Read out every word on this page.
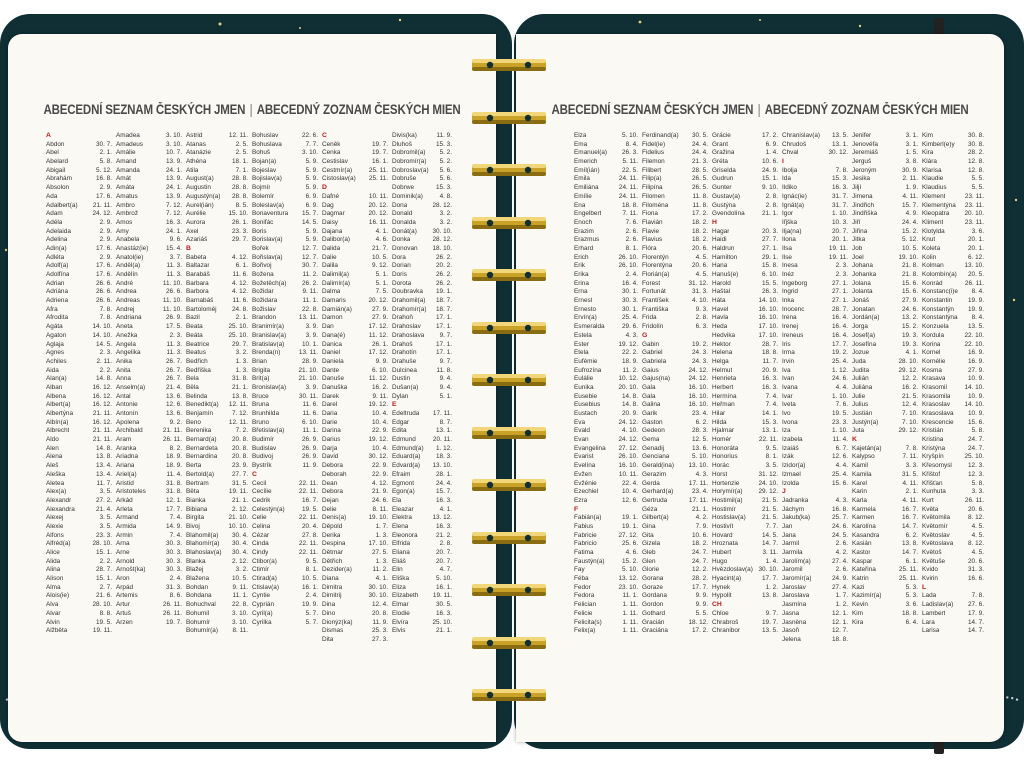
ABECEDNÍ SEZNAM ČESKÝCH JMEN | ABECEDNÝ ZOZNAM ČESKÝCH MIEN
A
Abdon	30. 7.
Abel	2. 1.
Abelard	5. 8.
Abigail	5. 12.
Abrahám	16. 8.
Absolon	2. 9.
Ada	17. 6.
Adalbert(a)	21. 11.
Adam	24. 12.
Adéla	2. 9.
Adelaida	2. 9.
Adelina	2. 9.
Adin(a)	17. 6.
Adléta	2. 9.
Adolf(a)	17. 6.
Adolfína	17. 6.
Adrian	26. 6.
Adriána	26. 6.
Adriena	26. 6.
Afra	7. 8.
Afrodita	7. 8.
Agáta	14. 10.
Agaton	14. 10.
Aglaja	14. 5.
Agnes	2. 3.
Achiles	2. 11.
Aida	2. 2.
Alan(a)	14. 8.
Alban	16. 12.
Albena	16. 12.
Albert(a)	16. 12.
Albertýna	21. 11.
Albín(a)	16. 12.
Albrecht	21. 11.
Aldo	21. 11.
Alen	14. 8.
Alena	13. 8.
Aleš	13. 4.
Aleška	13. 4.
Aletea	11. 7.
Alex(a)	3. 5.
Alexandr	27. 2.
Alexandra	21. 4.
Alexej	3. 5.
Alexie	3. 5.
Alfons	23. 3.
Alfréd(a)	28. 10.
Alice	15. 1.
Alida	2. 2.
Alina	28. 7.
Alison	15. 1.
Alma	2. 7.
Alois(ie)	21. 6.
Alva	28. 10.
Alvar	8. 8.
Alvin	19. 5.
Alžběta	19. 11.
Amadea	3. 10.
Amadeus	3. 10.
Amálie	10. 7.
Amand	13. 9.
Amanda	24. 1.
Amát	13. 9.
Amáta	24. 1.
Amatus	13. 9.
Ambro	7. 12.
Ambrož	7. 12.
Amos	16. 3.
Amy	24. 1.
Anabela	9. 6.
Anastáz(ie)	15. 4.
Anatol(ie)	3. 7.
Anděl(a)	11. 3.
Andělín	11. 3.
André	11. 10.
Andrea	26. 6.
Andreas	11. 10.
Andrej	11. 10.
Andriana	26. 9.
Aneta	17. 5.
Anežka	2. 3.
Angela	11. 3.
Angelika	11. 3.
Anika	26. 7.
Anita	26. 7.
Anna	26. 7.
Anselm(a)	21. 4.
Antal	13. 6.
Antonie	12. 6.
Antonín	13. 6.
Apolena	9. 2.
Archibald	21. 11.
Aram	26. 11.
Aranka	8. 2.
Ariadna	18. 9.
Ariana	18. 9.
Ariel(a)	11. 4.
Aristid	31. 8.
Aristoteles	31. 8.
Arkád	12. 1.
Arleta	17. 7.
Armand	7. 4.
Armida	14. 9.
Armin	7. 4.
Arna	30. 3.
Arne	30. 3.
Arnold	30. 3.
Arnošt(ka)	30. 3.
Aron	2. 4.
Arpád	31. 3.
Artemis	8. 6.
Artur	26. 11.
Artuš	26. 11.
Arzen	19. 7.
Astrid	12. 11.
Atanas	2. 5.
Atanázie	2. 5.
Athéna	18. 1.
Atila	7. 1.
August(a)	28. 8.
Augustin	28. 8.
Augustýn(a)	28. 8.
Aurel(ián)	8. 5.
Aurélie	15. 10.
Aurora	26. 1.
Axel	23. 3.
Azariáš	29. 7.
B
Babeta	4. 12.
Baltazar	6. 1.
Barabáš	11. 6.
Barbara	4. 12.
Barbora	4. 12.
Barnabáš	11. 6.
Bartoloměj	24. 8.
Bazil	2. 1.
Beata	25. 10.
Beáta	25. 10.
Beatrice	29. 7.
Beatus	3. 2.
Bedřich	1. 3.
Bedřiška	1. 3.
Bela	31. 8.
Běla	21. 1.
Belinda	13. 8.
Benedikt(a)	12. 11.
Benjamín	7. 12.
Beno	12. 11.
Berenika	7. 2.
Bernard(a)	20. 8.
Bernardeta	20. 8.
Bernardina	20. 8.
Berta	23. 9.
Bertold(a)	27. 7.
Bertram	31. 5.
Běta	19. 11.
Bianka	21. 1.
Bibiana	2. 12.
Birgita	21. 10.
Bivoj	10. 10.
Blahomil(a)	30. 4.
Blahomír(a)	30. 4.
Blahoslav(a)	30. 4.
Blanka	2. 12.
Blažej	3. 2.
Blažena	10. 5.
Bohdan	9. 11.
Bohdana	11. 1.
Bohuchval	22. 8.
Bohumil	3. 10.
Bohumír	3. 10.
Bohumír(a)	8. 11.
Bohuslav	22. 6.
Bohuslava	7. 7.
Bohuš	3. 10.
Bojan(a)	5. 9.
Bojeslav	5. 9.
Bojislav(a)	5. 9.
Bojmír	5. 9.
Bolemír	6. 9.
Boleslav(a)	6. 9.
Bonaventura	15. 7.
Bonifác	14. 5.
Boris	5. 9.
Borislav(a)	5. 9.
Bořek	12. 7.
Bořislav(a)	12. 7.
Bořivoj	30. 7.
Božena	11. 2.
Božetěch(a)	26. 2.
Božidar	9. 11.
Božidara	11. 1.
Božislav	22. 8.
Brandon	13. 11.
Branimír(a)	3. 9.
Branislav(a)	3. 9.
Bratislav(a)	10. 1.
Brenda(n)	13. 11.
Brian	28. 9.
Brigita	21. 10.
Brit(a)	21. 10.
Bronislav(a)	3. 9.
Bruce	30. 11.
Bruna	11. 6.
Brunhilda	11. 6.
Bruno	6. 10.
Břetislav(a)	11. 1.
Budimír	26. 9.
Budislav	26. 9.
Budivoj	26. 9.
Bystrík	11. 9.
C
Cecil	22. 11.
Cecílie	22. 11.
Cedrik	16. 7.
Celestýn(a)	19. 5.
Celie	22. 11.
Celina	20. 4.
Cézar	27. 8.
Cinda	22. 11.
Cindy	22. 11.
Ctibor(a)	9. 5.
Ctimír	8. 1.
Ctirad(a)	10. 5.
Ctislav(a)	16. 1.
Cyntie	2. 4.
Cyprián	19. 9.
Cyril(a)	5. 7.
Cyrilka	5. 7.
Č
Čeněk	19. 7.
Čenka	19. 7.
Čestislav	16. 1.
Čestmír(a)	25. 11.
Čistoslav(a)	25. 11.
D
Dafné	10. 11.
Dag	20. 12.
Dagmar	20. 12.
Daisy	16. 11.
Dajana	4. 1.
Dalibor(a)	4. 6.
Dalida	21. 7.
Dalie	10. 5.
Dalila	9. 12.
Dalimil(a)	5. 1.
Dalimír(a)	5. 1.
Dalma	7. 5.
Damaris	20. 12.
Damián(a)	27. 9.
Damon	27. 9.
Dan	17. 12.
Dana(é)	11. 12.
Danica	26. 1.
Daniel	17. 12.
Daniela	9. 9.
Dante	6. 10.
Danuše	11. 12.
Danuška	16. 2.
Darek	9. 11.
Darel	19. 12.
Daria	10. 4.
Darie	10. 4.
Darina	22. 9.
Darius	19. 12.
Darja	10. 4.
David	30. 12.
Debora	22. 9.
Deborah	22. 9.
Dean	4. 12.
Debora	21. 9.
Dejan	24. 6.
Delie	8. 11.
Denis(a)	19. 10.
Děpold	1. 7.
Derika	1. 3.
Despina	17. 10.
Dětmar	27. 5.
Dětřich	1. 3.
Dezider(a)	11. 2.
Diana	4. 1.
Dimitra	30. 10.
Dimitrij	30. 10.
Dina	12. 4.
Dino	20. 8.
Dionýz(ka)	11. 9.
Dismas	25. 3.
Dita	27. 3.
Divis(ka)	11. 9.
Dluhoš	15. 3.
Dobromil(a)	5. 2.
Dobromír(a)	5. 2.
Dobroslav(a)	5. 6.
Dobruše	5. 6.
Dobrwe	15. 3.
Dominik(a)	4. 8.
Dona	28. 12.
Donald	3. 2.
Donalda	3. 2.
Donát(a)	30. 10.
Donka	28. 12.
Donovan	18. 10.
Dora	26. 2.
Dorian	20. 2.
Doris	26. 2.
Dorota	26. 2.
Doubravka	19. 1.
Drahomil(a)	18. 7.
Drahomír(a)	18. 7.
Drahoň	17. 1.
Drahoslav	17. 1.
Drahoslava	9. 7.
Drahoš	17. 1.
Drahotín	17. 1.
Drahuše	9. 7.
Dulcinea	11. 8.
Dustin	9. 4.
Dušan(a)	9. 4.
Dylan	5. 1.
E
Edeltruda	17. 11.
Edgar	8. 7.
Edita	13. 1.
Edmund	20. 11.
Edmund(a)	1. 12.
Eduard(a)	18. 3.
Edvard(a)	13. 10.
Efraim	28. 1.
Egmont	24. 4.
Egon(a)	15. 7.
Ela	16. 3.
Eleazar	4. 1.
Elektra	13. 12.
Elena	16. 3.
Eleonora	21. 2.
Elfrida	2. 8.
Eliana	20. 7.
Eliáš	20. 7.
Elin	4. 7.
Eliška	5. 10.
Eliza	16. 1.
Elizabeth	19. 11.
Elmar	30. 5.
Elodie	16. 3.
Elvíra	25. 10.
Elvis	21. 1.
ABECEDNÍ SEZNAM ČESKÝCH JMEN | ABECEDNÝ ZOZNAM ČESKÝCH MIEN
Elza	5. 10.
Ema	8. 4.
Emanuel(a)	26. 3.
Emerich	5. 11.
Emíl(ián)	22. 5.
Emila	24. 11.
Emiliána	24. 11.
Emílie	24. 11.
Ena	18. 8.
Engelbert	7. 11.
Enoch	7. 6.
Erazim	2. 6.
Erazmus	2. 6.
Erhard	8. 1.
Erich	26. 10.
Erik	26. 10.
Erika	2. 4.
Erina	16. 4.
Erna	30. 1.
Ernest	30. 3.
Ernesto	30. 1.
Ervín(a)	25. 4.
Esmeralda	29. 6.
Estela	4. 3.
Ester	19. 12.
Etela	22. 2.
Eufémie	18. 9.
Eufrozína	11. 2.
Eulálie	10. 12.
Eunika	20. 10.
Eusebie	14. 8.
Eusebius	14. 8.
Eustach	20. 9.
Eva	24. 12.
Evald	4. 10.
Evan	24. 12.
Evangelina	27. 12.
Evarist	26. 10.
Evelína	16. 10.
Evžen	10. 11.
Evžénie	22. 4.
Ezechiel	10. 4.
Ezra	12. 6.
F
Fabián(a)	19. 1.
Fabius	19. 1.
Fabricie	27. 12.
Fabricio	25. 6.
Fatima	4. 6.
Faustýn(a)	15. 2.
Fay	5. 10.
Féba	13. 12.
Fedor	23. 10.
Fedora	11. 1.
Felician	1. 11.
Felicie	1. 11.
Felicita(s)	1. 11.
Felix(a)	1. 11.
Ferdinand(a)	30. 5.
Fidel(ie)	24. 4.
Fidelius	24. 4.
Filemon	21. 3.
Filibert	28. 5.
Filip(a)	26. 5.
Filipína	26. 5.
Filomen	11. 8.
Filoména	11. 8.
Fiona	17. 2.
Flavián	18. 2.
Flavie	18. 2.
Flavius	18. 2.
Flóra	20. 6.
Florentýn	4. 5.
Florentýna	20. 6.
Florián(a)	4. 5.
Forest	31. 12.
Fortunát	31. 3.
Frantíšek	4. 10.
Františka	9. 3.
Frida	2. 8.
Fridolín	6. 3.
G
Gabin	19. 2.
Gabriel	24. 3.
Gabriela	24. 3.
Gaius	24. 12.
Gajus(na)	24. 12.
Gala	16. 10.
Gala	16. 10.
Galina	16. 10.
Garik	23. 4.
Gaston	6. 2.
Gedeon	28. 3.
Gema	12. 5.
Genadij	13. 6.
Genciana	5. 10.
Gerald(ina)	13. 10.
Gerazim	4. 3.
Gerda	17. 11.
Gerhard(a)	23. 4.
Gertruda	17. 11.
Géza	21. 1.
Gilbert(a)	4. 2.
Gina	7. 9.
Gita	10. 6.
Gizela	18. 2.
Gleb	24. 7.
Glen	24. 7.
Glorie	12. 2.
Gorana	28. 2.
Goraze	17. 7.
Gordana	9. 9.
Gordon	9. 9.
Gothard	5. 5.
Gracián	18. 12.
Graciána	17. 2.
Grácie	17. 2.
Grant	6. 9.
Gražina	1. 4.
Gréta	10. 6.
Griselda	24. 9.
Gudrun	15. 1.
Gunter	9. 10.
Gustav(a)	2. 8.
Gustýna	2. 8.
Gvendolína	21. 1.
H
Hagar	20. 3.
Haidi	27. 7.
Haldrun	27. 1.
Hamilton	29. 1.
Hana	15. 8.
Hanuš(e)	6. 10.
Harold	15. 5.
Haštal	26. 3.
Háta	14. 10.
Havel	16. 10.
Havla	16. 10.
Heda	17. 10.
Hedvika	17. 10.
Hektor	28. 7.
Helena	18. 8.
Helga	11. 7.
Helmut	20. 9.
Henrieta	16. 3.
Herbert	16. 3.
Hermína	7. 4.
Heřman	7. 4.
Hilar	14. 1.
Hilda	15. 3.
Hjalmar	13. 1.
Homér	22. 11.
Honoráta	9. 5.
Honorius	8. 1.
Horác	3. 5.
Horst	31. 12.
Hortenzie	24. 10.
Horymír(a)	29. 12.
Hostimil(a)	21. 5.
Hostimír	21. 5.
Hostislav(a)	21. 5.
Hostivít	7. 7.
Hovard	14. 5.
Hroznata	14. 7.
Hubert	3. 11.
Hugo	1. 4.
Hvězdoslav(a) 30. 10.
Hyacint(a)	17. 7.
Hynek	1. 2.
Hypolit	13. 8.
CH
Chloe	9. 7.
Chrabroš	19. 7.
Chranibor	13. 5.
Chranislav(a)	13. 5.
Chrudoš	13. 1.
Chval	30. 12.
I
Ibolja	7. 8.
Ida	15. 3.
Ildiko	16. 3.
Ignác(ie)	31. 7.
Ignát(a)	31. 7.
Igor	1. 10.
Iľjška	10. 3.
Ilja(na)	20. 7.
Ilona	20. 1.
Ilsa	19. 11.
Ilse	19. 11.
Inesa	2. 3.
Inéz	2. 3.
Ingeborg	27. 1.
Ingrid	27. 1.
Inka	27. 1.
Inocenc	28. 7.
Irena	16. 4.
Irenej	16. 4.
Ireneus	16. 4.
Iris	17. 7.
Irma	19. 2.
Irvin	25. 4.
Iva	1. 12.
Ivan	24. 6.
Ivana	4. 4.
Ivar	1. 10.
Iveta	7. 6.
Ivo	19. 5.
Ivona	23. 3.
Iza	1. 10.
Izabela	11. 4.
Izaiáš	6. 7.
Izák	12. 6.
Izidor(a)	4. 4.
Izmael	25. 4.
Izolda	15. 6.
J
Jadranka	4. 3.
Jáchym	16. 8.
Jakub(ka)	25. 7.
Jan	24. 6.
Jana	24. 5.
Jarmil	2. 6.
Jarmila	4. 2.
Jarolím(a)	27. 4.
Jaromil	2. 6.
Jaromír(a)	24. 9.
Jaroslav	27. 4.
Jaroslava	1. 7.
Jasmína	1. 2.
Jasna	12. 1.
Jasněna	12. 1.
Jasoň	12. 7.
Jelena	18. 8.
Jenifer	3. 1.
Jenovéfa	3. 1.
Jeremiáš	1. 5.
Jerguš	3. 8.
Jeroným	30. 9.
Jesika	2. 11.
Jiljí	1. 9.
Jimena	4. 11.
Jindřich	15. 7.
Jindřiška	4. 9.
Jiří	24. 4.
Jiřina	15. 2.
Jitka	5. 12.
Job	10. 5.
Joel	19. 10.
Johana	21. 8.
Johanka	21. 8.
Jolana	15. 6.
Jolanta	15. 6.
Jonáš	27. 9.
Jonatan	24. 6.
Jordán(a)	13. 2.
Jorga	15. 2.
Josef(a)	19. 3.
Josefína	19. 3.
Jozue	4. 1.
Juda	28. 10.
Judita	29. 12.
Julián	12. 2.
Juliána	16. 2.
Julie	21. 5.
Julius	12. 4.
Justián	7. 10.
Justýn(a)	7. 10.
Juta	29. 12.
K
Kajetán(a)	7. 8.
Kalypso	7. 11.
Kamil	3. 3.
Kamila	31. 5.
Karel	4. 11.
Karin	2. 1.
Karla	4. 11.
Karmela	16. 7.
Karmen	16. 7.
Karolína	14. 7.
Kasandra	6. 2.
Kasián	13. 8.
Kastor	14. 7.
Kaspar	6. 1.
Kateřina	25. 11.
Katrin	25. 11.
Kazi	5. 3.
Kazimír(a)	5. 3.
Kevin	3. 6.
Kim	18. 8.
Kira	6. 4.
Kim	30. 8.
Kimberl(e)y	30. 8.
Kira	28. 2.
Klára	12. 8.
Klarisa	12. 8.
Klaudie	5. 5.
Klaudius	5. 5.
Klement	23. 11.
Klementýna	23. 11.
Kleopatra	20. 10.
Kliment	23. 11.
Klotylda	3. 6.
Knut	20. 1.
Koleta	20. 1.
Kolin	6. 12.
Kolman	13. 10.
Kolombín(a)	20. 5.
Konrád	26. 11.
Konstanc(i)e	8. 4.
Konstantin	19. 9.
Konstantýn	19. 9.
Konstantýna	8. 4.
Konzuela	13. 5.
Kordula	22. 10.
Korina	22. 10.
Kornel	16. 9.
Kornélie	16. 9.
Kosma	27. 9.
Krasava	10. 9.
Krasomil	14. 10.
Krasomila	10. 9.
Krasoslav	14. 10.
Krasoslava	10. 9.
Krescencie	15. 6.
Kristián	5. 8.
Kristina	24. 7.
Kristýna	24. 7.
Kryšpín	25. 10.
Křesomysl	12. 3.
Křištof	12. 3.
Křišťan	5. 8.
Kunhuta	3. 3.
Kurt	26. 11.
Květa	20. 6.
Květomila	8. 12.
Květomír	4. 5.
Květoslav	4. 5.
Květoslava	8. 12.
Květoš	4. 5.
Květuše	20. 6.
Kvido	31. 3.
Kvirin	16. 6.
L
Lada	7. 8.
Ladislav(a)	27. 6.
Lambert	17. 9.
Lara	14. 7.
Larisa	14. 7.
